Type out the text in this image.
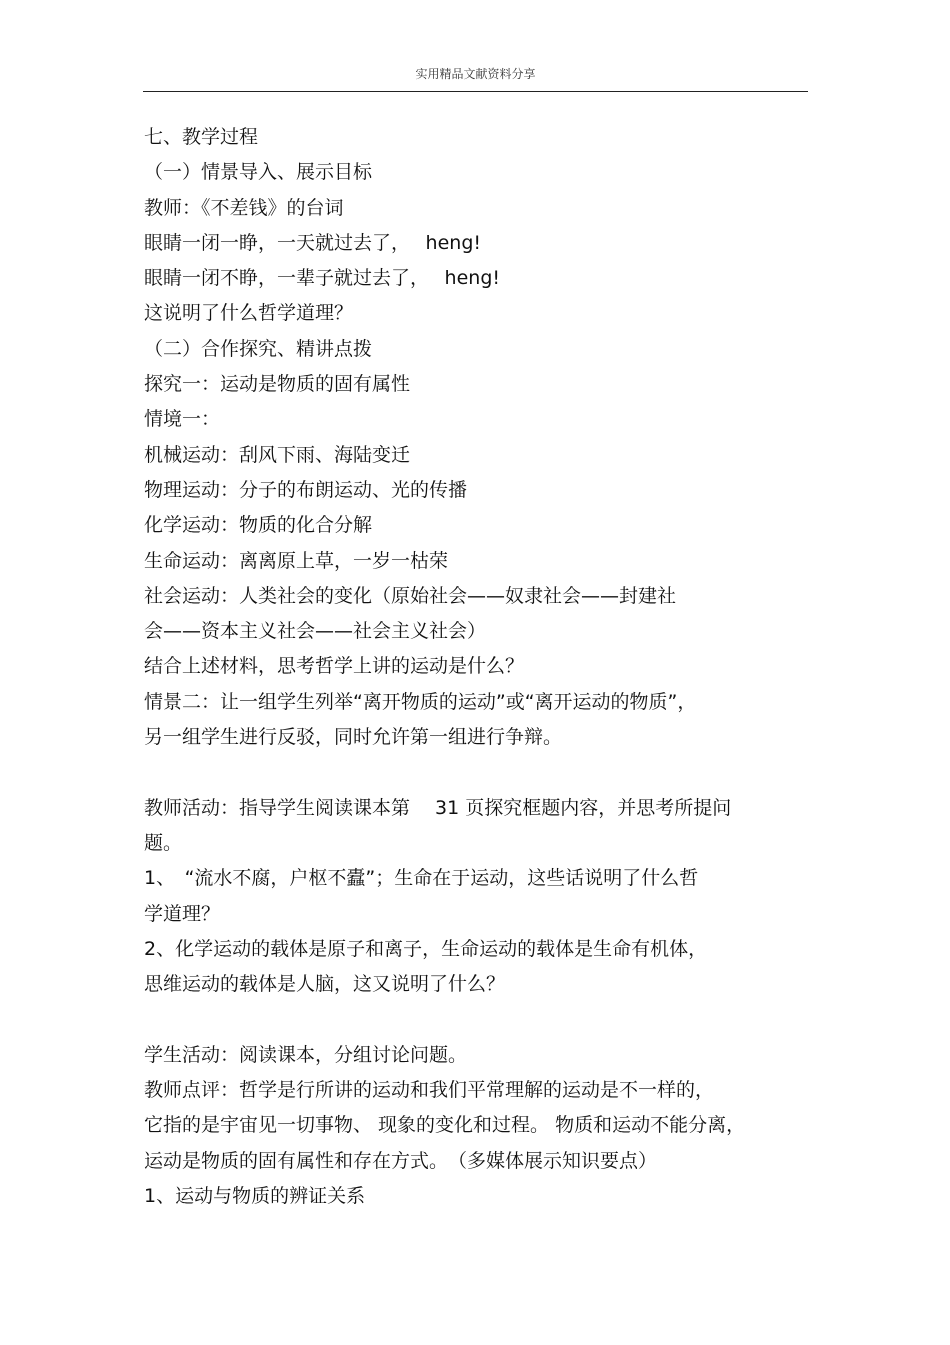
实用精品文献资料分享
七、教学过程
（一）情景导入、展示目标
教师：《不差钱》的台词
眼睛一闭一睁，一天就过去了，　 heng!
眼睛一闭不睁，一辈子就过去了，　 heng!
这说明了什么哲学道理？
（二）合作探究、精讲点拨
探究一：运动是物质的固有属性
情境一：
机械运动：刮风下雨、海陆变迁
物理运动：分子的布朗运动、光的传播
化学运动：物质的化合分解
生命运动：离离原上草，一岁一枯荣
社会运动：人类社会的变化（原始社会——奴隶社会——封建社
会——资本主义社会——社会主义社会）
结合上述材料，思考哲学上讲的运动是什么？
情景二：让一组学生列举“离开物质的运动”或“离开运动的物质”，
另一组学生进行反驳，同时允许第一组进行争辩。
教师活动：指导学生阅读课本第　 31 页探究框题内容，并思考所提问
题。
1、　“流水不腐，户枢不蠹”；生命在于运动，这些话说明了什么哲
学道理？
2、化学运动的载体是原子和离子，生命运动的载体是生命有机体，
思维运动的载体是人脑，这又说明了什么？
学生活动：阅读课本，分组讨论问题。
教师点评：哲学是行所讲的运动和我们平常理解的运动是不一样的，
它指的是宇宙见一切事物、 现象的变化和过程。 物质和运动不能分离，
运动是物质的固有属性和存在方式。　（多媒体展示知识要点）
1、运动与物质的辨证关系
